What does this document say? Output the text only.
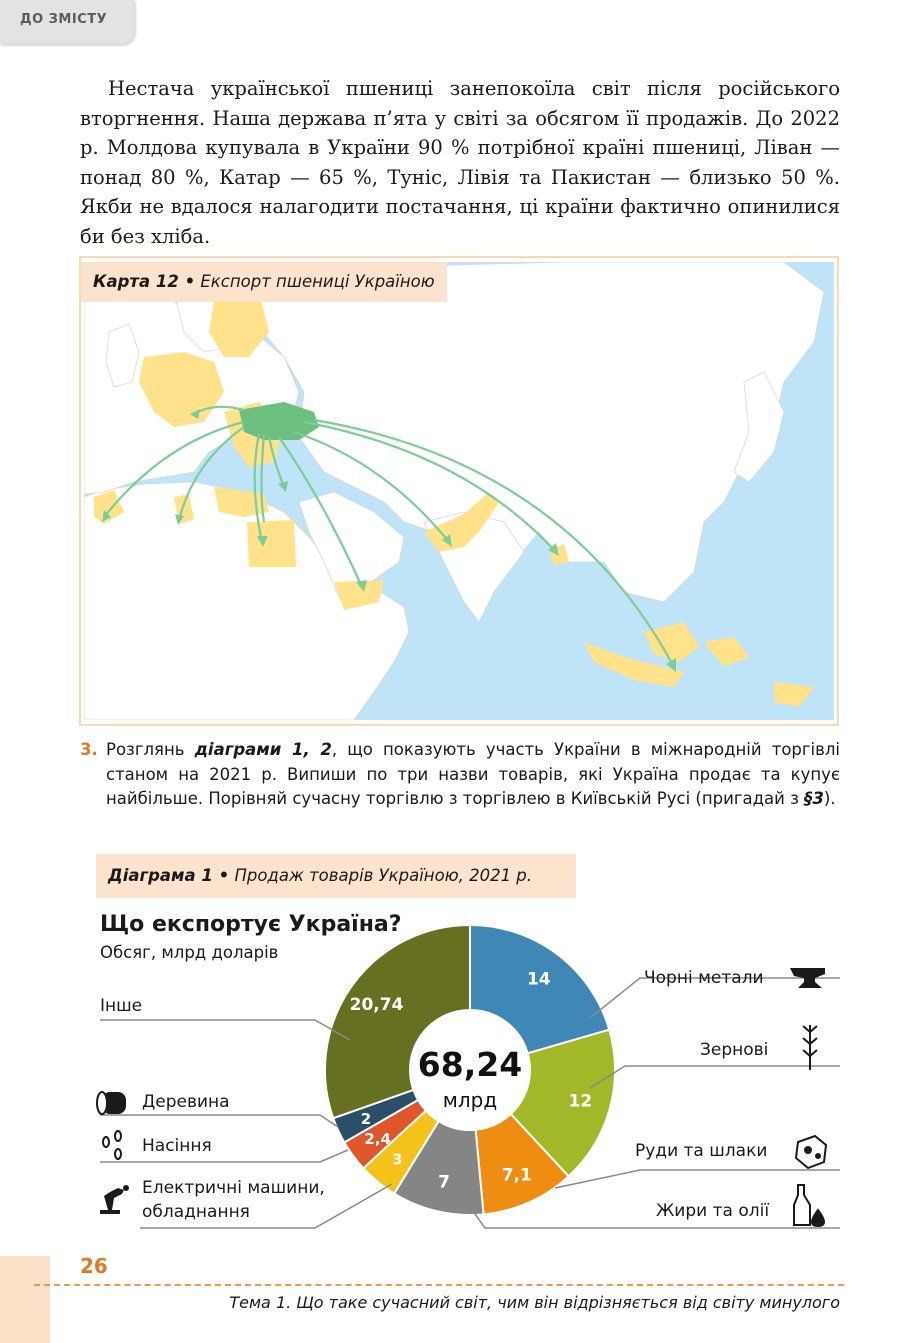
ДО ЗМІСТУ

Нестача української пшениці занепокоїла світ після російського вторгнення. Наша держава п’ята у світі за обсягом її продажів. До 2022 р. Молдова купувала в України 90 % потрібної країні пшениці, Ліван — понад 80 %, Катар — 65 %, Туніс, Лівія та Пакистан — близько 50 %. Якби не вдалося налагодити постачання, ці країни фактично опинилися би без хліба.

Карта 12 • Експорт пшениці Україною
3. Розглянь діаграми 1, 2, що показують участь України в міжнародній торгівлі станом на 2021 р. Випиши по три назви товарів, які Україна продає та купує найбільше. Порівняй сучасну торгівлю з торгівлею в Київській Русі (пригадай з §3).
Діаграма 1 • Продаж товарів Україною, 2021 р.
Що експортує Україна?
Обсяг, млрд доларів
14
12
7,1
7
3
2,4
2
20,74
68,24
млрд
Чорні метали
Зернові
Руди та шлаки
Жири та олії
Інше
Деревина
Насіння
Електричні машини,
обладнання
26
Тема 1. Що таке сучасний світ, чим він відрізняється від світу минулого
